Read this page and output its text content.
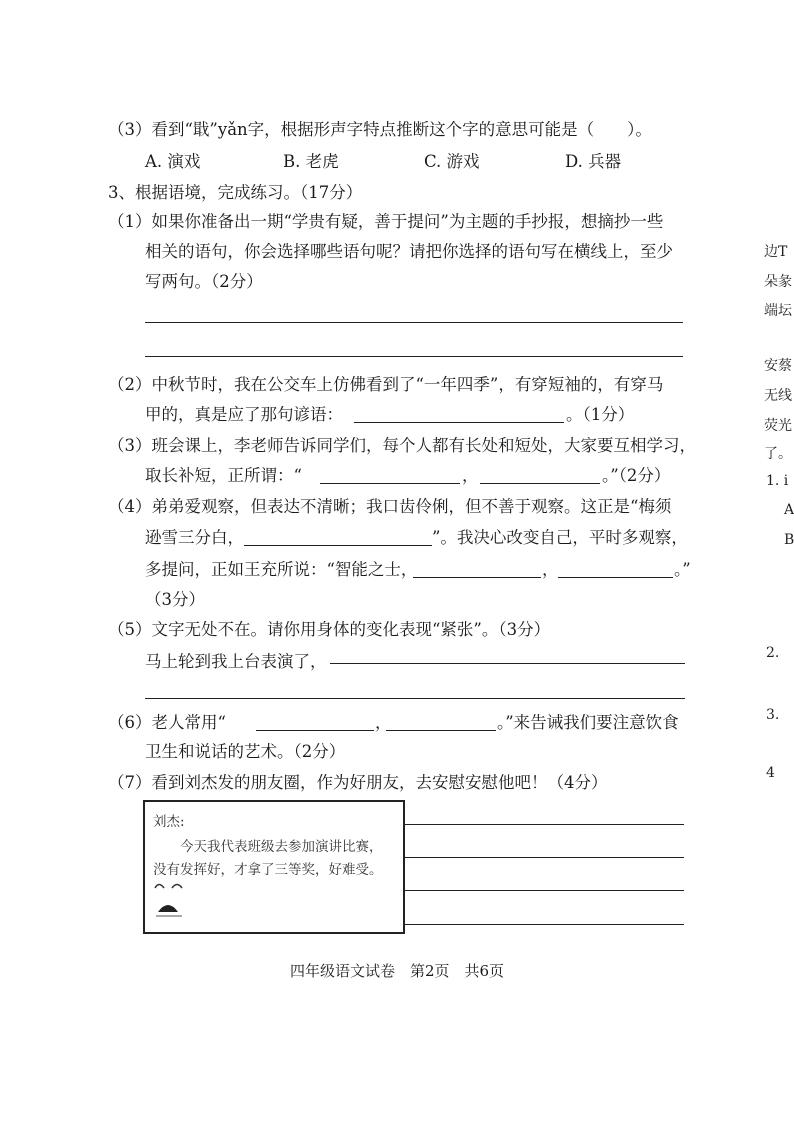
（3）看到“戢”yǎn字，根据形声字特点推断这个字的意思可能是（　　）。
A. 演戏	B. 老虎	C. 游戏	D. 兵器
3、根据语境，完成练习。（17分）
（1）如果你准备出一期“学贵有疑，善于提问”为主题的手抄报，想摘抄一些
相关的语句，你会选择哪些语句呢？请把你选择的语句写在横线上，至少
写两句。（2分）
（2）中秋节时，我在公交车上仿佛看到了“一年四季”，有穿短袖的，有穿马
甲的，真是应了那句谚语：	。（1分）
（3）班会课上，李老师告诉同学们，每个人都有长处和短处，大家要互相学习，
取长补短，正所谓：“	，	。”（2分）
（4）弟弟爱观察，但表达不清晰；我口齿伶俐，但不善于观察。这正是“梅须
逊雪三分白，	”。我决心改变自己，平时多观察，
多提问，正如王充所说：“智能之士，	，	。”
（3分）
（5）文字无处不在。请你用身体的变化表现“紧张”。（3分）
马上轮到我上台表演了，
（6）老人常用“	，	。”来告诫我们要注意饮食
卫生和说话的艺术。（2分）
（7）看到刘杰发的朋友圈，作为好朋友，去安慰安慰他吧！（4分）
刘杰:
今天我代表班级去参加演讲比赛，
没有发挥好，才拿了三等奖，好难受。
四年级语文试卷　第2页　共6页
边T
朵彖
端坛
安蔡
无线
荧光
了。
1. i
A
B
2.
3.
4
